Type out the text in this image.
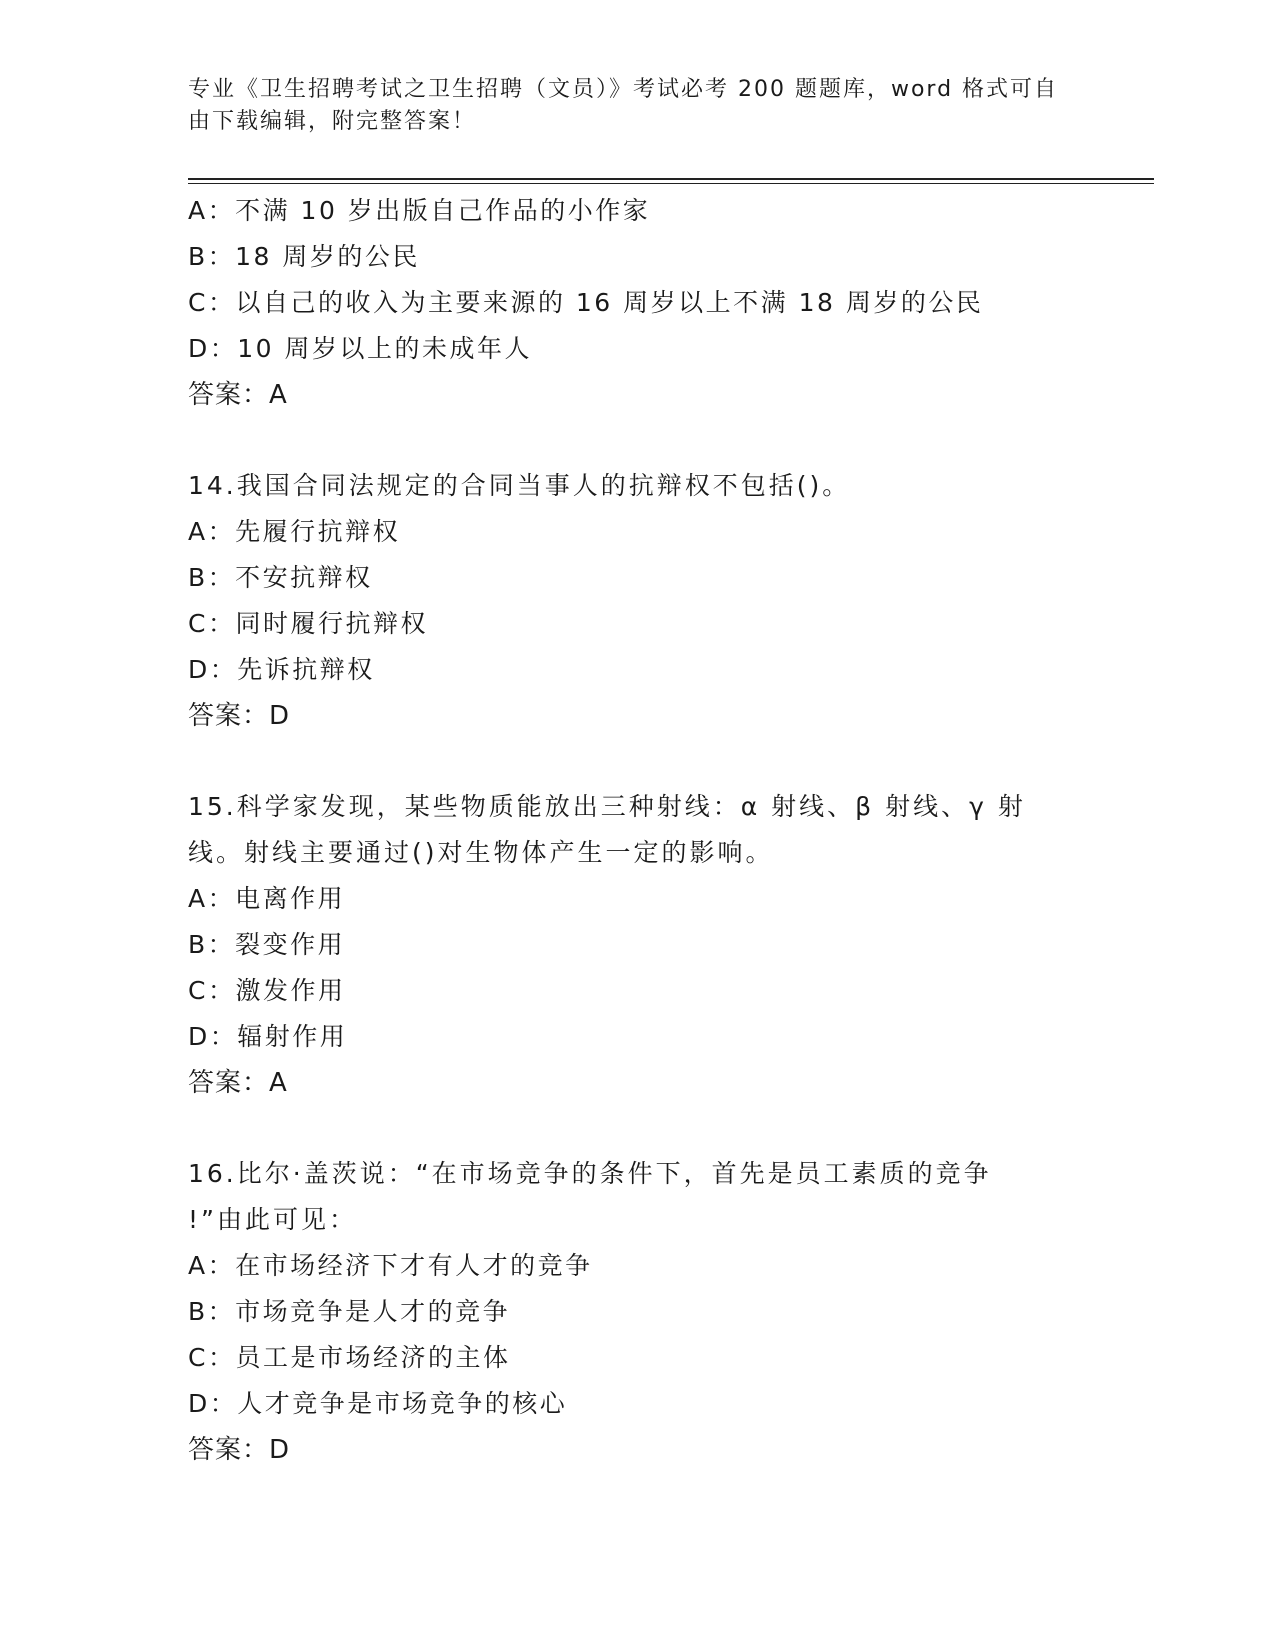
专业《卫生招聘考试之卫生招聘（文员）》考试必考 200 题题库，word 格式可自
由下载编辑，附完整答案！
A：不满 10 岁出版自己作品的小作家
B：18 周岁的公民
C：以自己的收入为主要来源的 16 周岁以上不满 18 周岁的公民
D：10 周岁以上的未成年人
答案：A
14.我国合同法规定的合同当事人的抗辩权不包括()。
A：先履行抗辩权
B：不安抗辩权
C：同时履行抗辩权
D：先诉抗辩权
答案：D
15.科学家发现，某些物质能放出三种射线：α 射线、β 射线、γ 射
线。射线主要通过()对生物体产生一定的影响。
A：电离作用
B：裂变作用
C：激发作用
D：辐射作用
答案：A
16.比尔·盖茨说：“在市场竞争的条件下，首先是员工素质的竞争
!”由此可见：
A：在市场经济下才有人才的竞争
B：市场竞争是人才的竞争
C：员工是市场经济的主体
D：人才竞争是市场竞争的核心
答案：D
